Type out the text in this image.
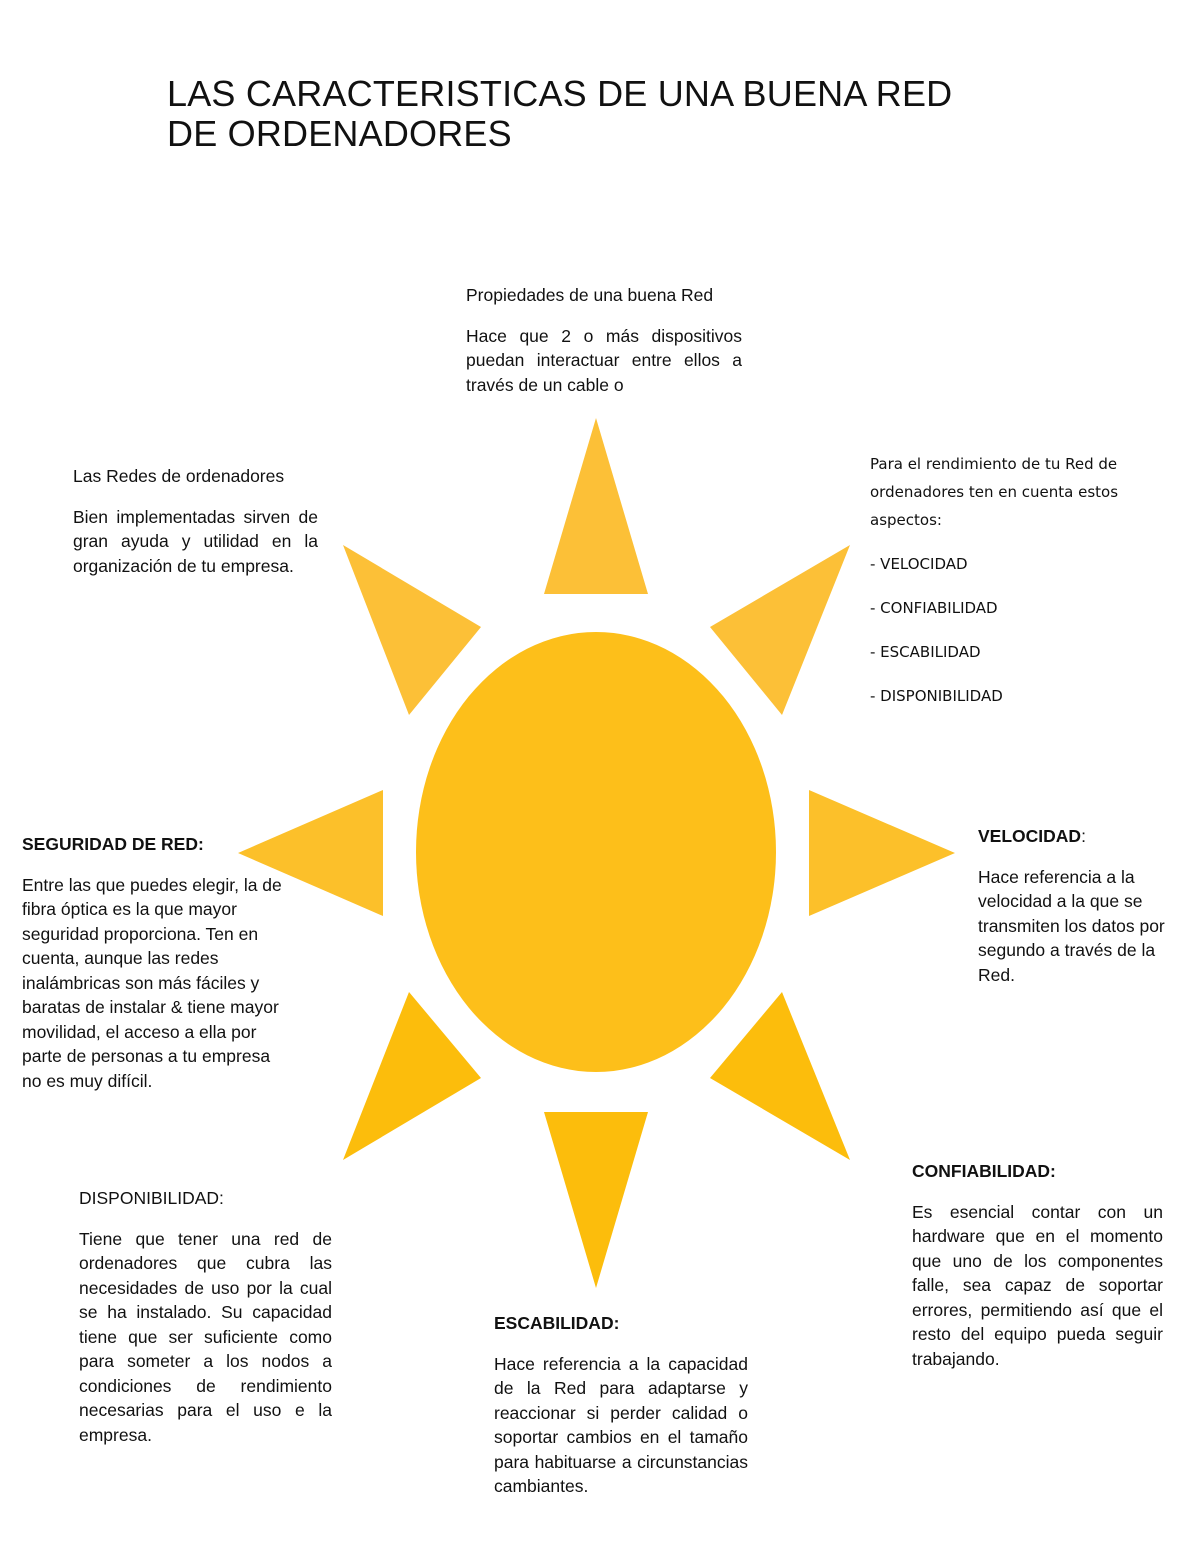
LAS CARACTERISTICAS DE UNA BUENA RED
DE ORDENADORES

Propiedades de una buena Red

Hace que 2 o más dispositivos puedan interactuar entre ellos a través de un cable o

Las Redes de ordenadores

Bien implementadas sirven de gran ayuda y utilidad en la organización de tu empresa.

Para el rendimiento de tu Red de ordenadores ten en cuenta estos aspectos:

- VELOCIDAD

- CONFIABILIDAD

- ESCABILIDAD

- DISPONIBILIDAD

SEGURIDAD DE RED:

Entre las que puedes elegir, la de fibra óptica es la que mayor seguridad proporciona. Ten en cuenta, aunque las redes inalámbricas son más fáciles y baratas de instalar & tiene mayor movilidad, el acceso a ella por parte de personas a tu empresa no es muy difícil.

VELOCIDAD:

Hace referencia a la velocidad a la que se transmiten los datos por segundo a través de la Red.

DISPONIBILIDAD:

Tiene que tener una red de ordenadores que cubra las necesidades de uso por la cual se ha instalado. Su capacidad tiene que ser suficiente como para someter a los nodos a condiciones de rendimiento necesarias para el uso e la empresa.

ESCABILIDAD:

Hace referencia a la capacidad de la Red para adaptarse y reaccionar si perder calidad o soportar cambios en el tamaño para habituarse a circunstancias cambiantes.

CONFIABILIDAD:

Es esencial contar con un hardware que en el momento que uno de los componentes falle, sea capaz de soportar errores, permitiendo así que el resto del equipo pueda seguir trabajando.
